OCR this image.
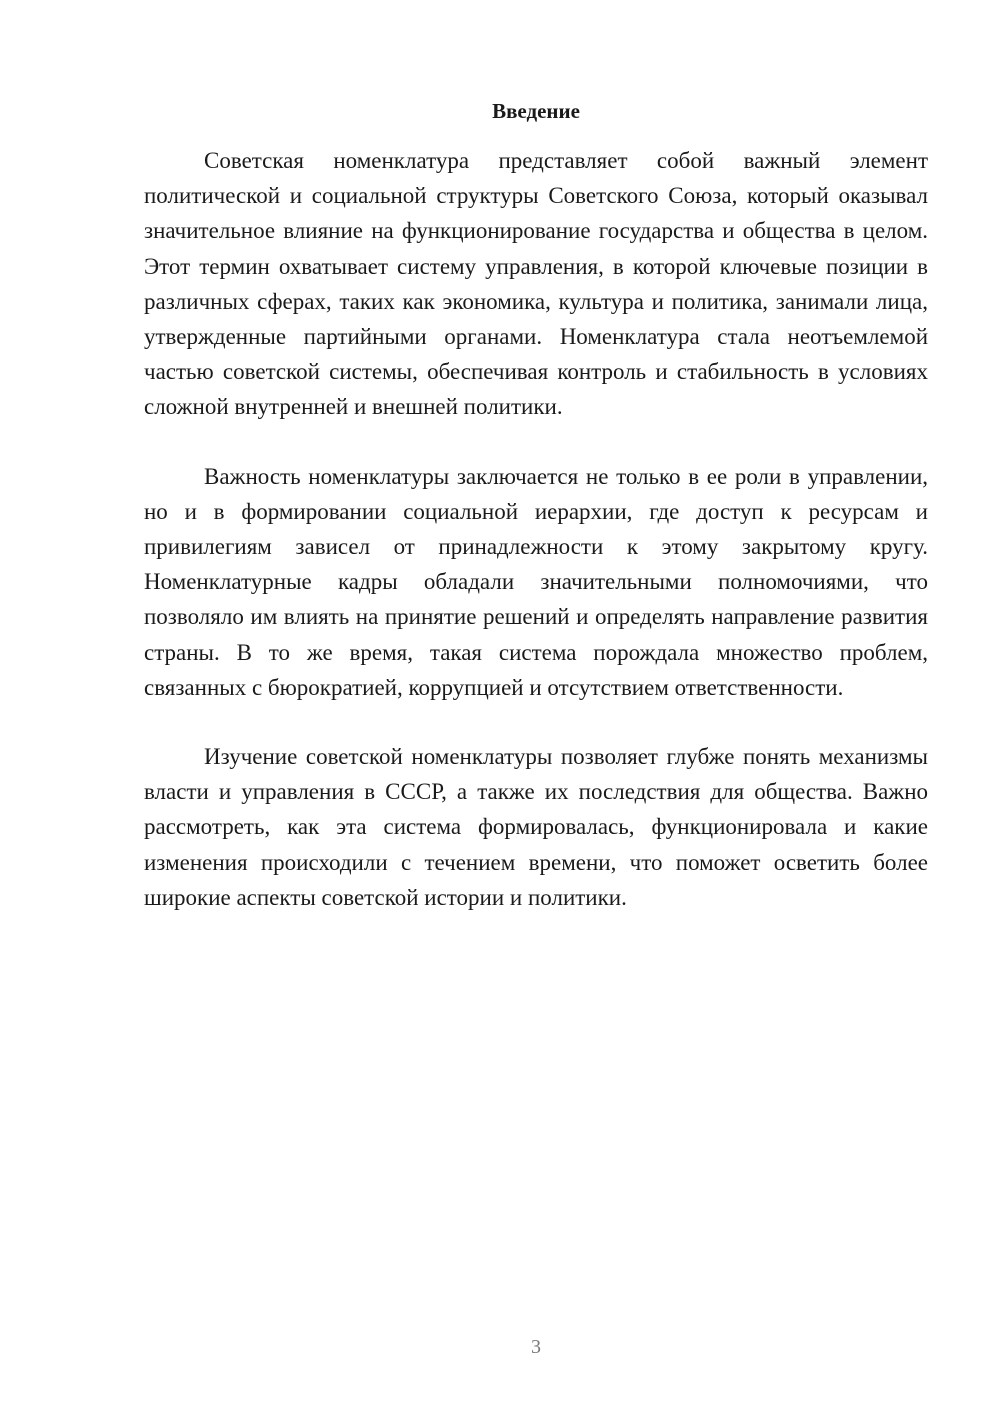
Введение

Советская номенклатура представляет собой важный элемент политической и социальной структуры Советского Союза, который оказывал значительное влияние на функционирование государства и общества в целом. Этот термин охватывает систему управления, в которой ключевые позиции в различных сферах, таких как экономика, культура и политика, занимали лица, утвержденные партийными органами. Номенклатура стала неотъемлемой частью советской системы, обеспечивая контроль и стабильность в условиях сложной внутренней и внешней политики.

Важность номенклатуры заключается не только в ее роли в управлении, но и в формировании социальной иерархии, где доступ к ресурсам и привилегиям зависел от принадлежности к этому закрытому кругу. Номенклатурные кадры обладали значительными полномочиями, что позволяло им влиять на принятие решений и определять направление развития страны. В то же время, такая система порождала множество проблем, связанных с бюрократией, коррупцией и отсутствием ответственности.

Изучение советской номенклатуры позволяет глубже понять механизмы власти и управления в СССР, а также их последствия для общества. Важно рассмотреть, как эта система формировалась, функционировала и какие изменения происходили с течением времени, что поможет осветить более широкие аспекты советской истории и политики.

3
